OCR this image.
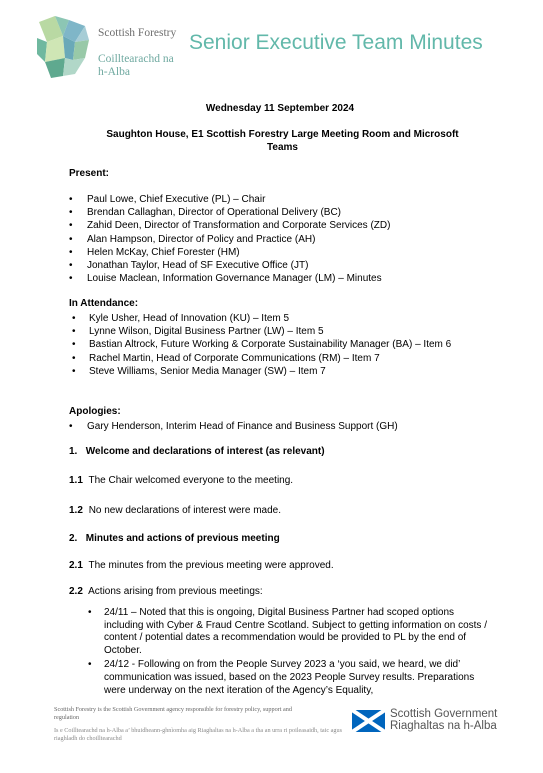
Scottish Forestry
Coilltearachd na h-Alba
Senior Executive Team Minutes
Wednesday 11 September 2024
Saughton House, E1 Scottish Forestry Large Meeting Room and Microsoft Teams
Present:
• Paul Lowe, Chief Executive (PL) – Chair
• Brendan Callaghan, Director of Operational Delivery (BC)
• Zahid Deen, Director of Transformation and Corporate Services (ZD)
• Alan Hampson, Director of Policy and Practice (AH)
• Helen McKay, Chief Forester (HM)
• Jonathan Taylor, Head of SF Executive Office (JT)
• Louise Maclean, Information Governance Manager (LM) – Minutes
In Attendance:
• Kyle Usher, Head of Innovation (KU) – Item 5
• Lynne Wilson, Digital Business Partner (LW) – Item 5
• Bastian Altrock, Future Working & Corporate Sustainability Manager (BA) – Item 6
• Rachel Martin, Head of Corporate Communications (RM) – Item 7
• Steve Williams, Senior Media Manager (SW) – Item 7
Apologies:
• Gary Henderson, Interim Head of Finance and Business Support (GH)
1. Welcome and declarations of interest (as relevant)
1.1 The Chair welcomed everyone to the meeting.
1.2 No new declarations of interest were made.
2. Minutes and actions of previous meeting
2.1 The minutes from the previous meeting were approved.
2.2 Actions arising from previous meetings:
• 24/11 – Noted that this is ongoing, Digital Business Partner had scoped options including with Cyber & Fraud Centre Scotland. Subject to getting information on costs / content / potential dates a recommendation would be provided to PL by the end of October.
• 24/12 - Following on from the People Survey 2023 a ‘you said, we heard, we did’ communication was issued, based on the 2023 People Survey results. Preparations were underway on the next iteration of the Agency’s Equality,
Scottish Forestry is the Scottish Government agency responsible for forestry policy, support and regulation
Is e Coilltearachd na h-Alba a’ bhuidheann-ghnìomha aig Riaghaltas na h-Alba a tha an urra ri poileasaidh, taic agus riaghladh do choilltearachd
Scottish Government
Riaghaltas na h-Alba
